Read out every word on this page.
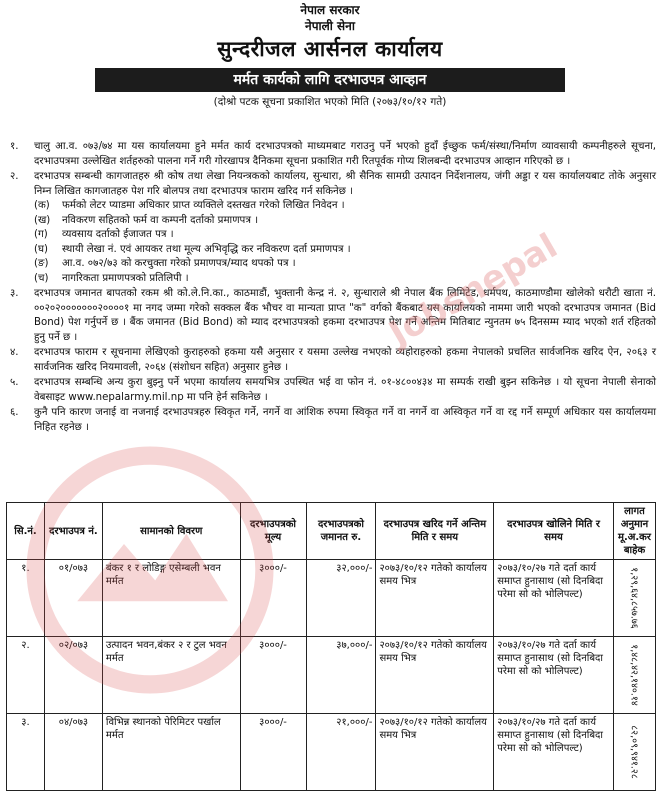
नेपाल सरकार
नेपाली सेना
सुन्दरीजल आर्सनल कार्यालय
मर्मत कार्यको लागि दरभाउपत्र आव्हान
(दोश्रो पटक सूचना प्रकाशित भएको मिति (२०७३/१०/१२ गते)
१.	चालु आ.व. ०७३/७४ मा यस कार्यालयमा हुने मर्मत कार्य दरभाउपत्रको माध्यमबाट गराउनु पर्ने भएको हुदाँ ईच्छुक फर्म/संस्था/निर्माण व्यावसायी कम्पनीहरुले सूचना, दरभाउपत्रमा उल्लेखित शर्तहरुको पालना गर्ने गरी गोरखापत्र दैनिकमा सूचना प्रकाशित गरी रितपूर्वक गोप्य शिलबन्दी दरभाउपत्र आव्हान गरिएको छ ।
२.	दरभाउपत्र सम्बन्धी कागजातहरु श्री कोष तथा लेखा नियन्त्रकको कार्यालय, सुन्धारा, श्री सैनिक सामग्री उत्पादन निर्देशनालय, जंगी अड्डा र यस कार्यालयबाट तोके अनुसार निम्न लिखित कागजातहरु पेश गरि बोलपत्र तथा दरभाउपत्र फाराम खरिद गर्न सकिनेछ ।
(क)	फर्मको लेटर प्याडमा अधिकार प्राप्त व्यक्तिले दस्तखत गरेको लिखित निवेदन ।
(ख)	नविकरण सहितको फर्म वा कम्पनी दर्ताको प्रमाणपत्र ।
(ग)	व्यवसाय दर्ताको ईजाजत पत्र ।
(घ)	स्थायी लेखा नं. एवं आयकर तथा मूल्य अभिवृद्धि कर नविकरण दर्ता प्रमाणपत्र ।
(ङ)	आ.व. ०७२/७३ को करचुक्ता गरेको प्रमाणपत्र/म्याद थपको पत्र ।
(च)	नागरिकता प्रमाणपत्रको प्रतिलिपी ।
३.	दरभाउपत्र जमानत बापतको रकम श्री को.ले.नि.का., काठमाडौं, भुक्तानी केन्द्र नं. २, सुन्धाराले श्री नेपाल बैंक लिमिटेड, धर्मपथ, काठमाण्डौमा खोलेको धरौटी खाता नं. ००२०२०००००००२००००१ मा नगद जम्मा गरेको सक्कल बैंक भौचर वा मान्यता प्राप्त "क" वर्गको बैंकबाट यस कार्यालयको नाममा जारी भएको दरभाउपत्र जमानत (Bid Bond) पेश गर्नुपर्ने छ । बैंक जमानत (Bid Bond) को म्याद दरभाउपत्रको हकमा दरभाउपत्र पेश गर्ने अन्तिम मितिबाट न्युनतम ७५ दिनसम्म म्याद भएको शर्त रहितको हुनु पर्ने छ ।
४.	दरभाउपत्र फाराम र सूचनामा लेखिएको कुराहरुको हकमा यसै अनुसार र यसमा उल्लेख नभएको व्यहोराहरुको हकमा नेपालको प्रचलित सार्वजनिक खरिद ऐन, २०६३ र सार्वजनिक खरिद नियमावली, २०६४ (संशोधन सहित) अनुसार हुनेछ ।
५.	दरभाउपत्र सम्बन्धि अन्य कुरा बुझ्नु पर्ने भएमा कार्यालय समयभित्र उपस्थित भई वा फोन नं. ०१-४८००४३४ मा सम्पर्क राखी बुझ्न सकिनेछ । यो सूचना नेपाली सेनाको वेबसाइट www.nepalarmy.mil.np मा पनि हेर्न सकिनेछ ।
६.	कुनै पनि कारण जनाई वा नजनाई दरभाउपत्रहरु स्विकृत गर्ने, नगर्ने वा आंशिक रुपमा स्विकृत गर्ने वा नगर्ने वा अस्विकृत गर्ने वा रद्द गर्ने सम्पूर्ण अधिकार यस कार्यालयमा निहित रहनेछ ।
सि.नं.	दरभाउपत्र नं.	सामानको विवरण	दरभाउपत्रको मूल्य	दरभाउपत्रको जमानत रु.	दरभाउपत्र खरिद गर्ने अन्तिम मिति र समय	दरभाउपत्र खोलिने मिति र समय	लागत अनुमान मू.अ.कर बाहेक
१.	०१/०७३	बंकर १ र लोडिङ्ग एसेम्बली भवन मर्मत	३०००/-	३२,०००/-	२०७३/१०/१२ गतेको कार्यालय समय भित्र	२०७३/१०/२७ गते दर्ता कार्य समाप्त हुनासाथ (सो दिनबिदा परेमा सो को भोलिपल्ट)	१,२९,६४,८५७.७६

२.	०२/०७३	उत्पादन भवन,बंकर २ र टुल भवन मर्मत	३०००/-	३७,०००/-	२०७३/१०/१२ गतेको कार्यालय समय भित्र	२०७३/१०/२७ गते दर्ता कार्य समाप्त हुनासाथ (सो दिनबिदा परेमा सो को भोलिपल्ट)	१,४८,४२,१४०.१४

३.	०४/०७३	विभिन्न स्थानको पेरिमिटर पर्खाल मर्मत	३०००/-	२१,०००/-	२०७३/१०/१२ गतेको कार्यालय समय भित्र	२०७३/१०/२७ गते दर्ता कार्य समाप्त हुनासाथ (सो दिनबिदा परेमा सो को भोलिपल्ट)	८२,०९,९४१.२८
Jobsnepal
